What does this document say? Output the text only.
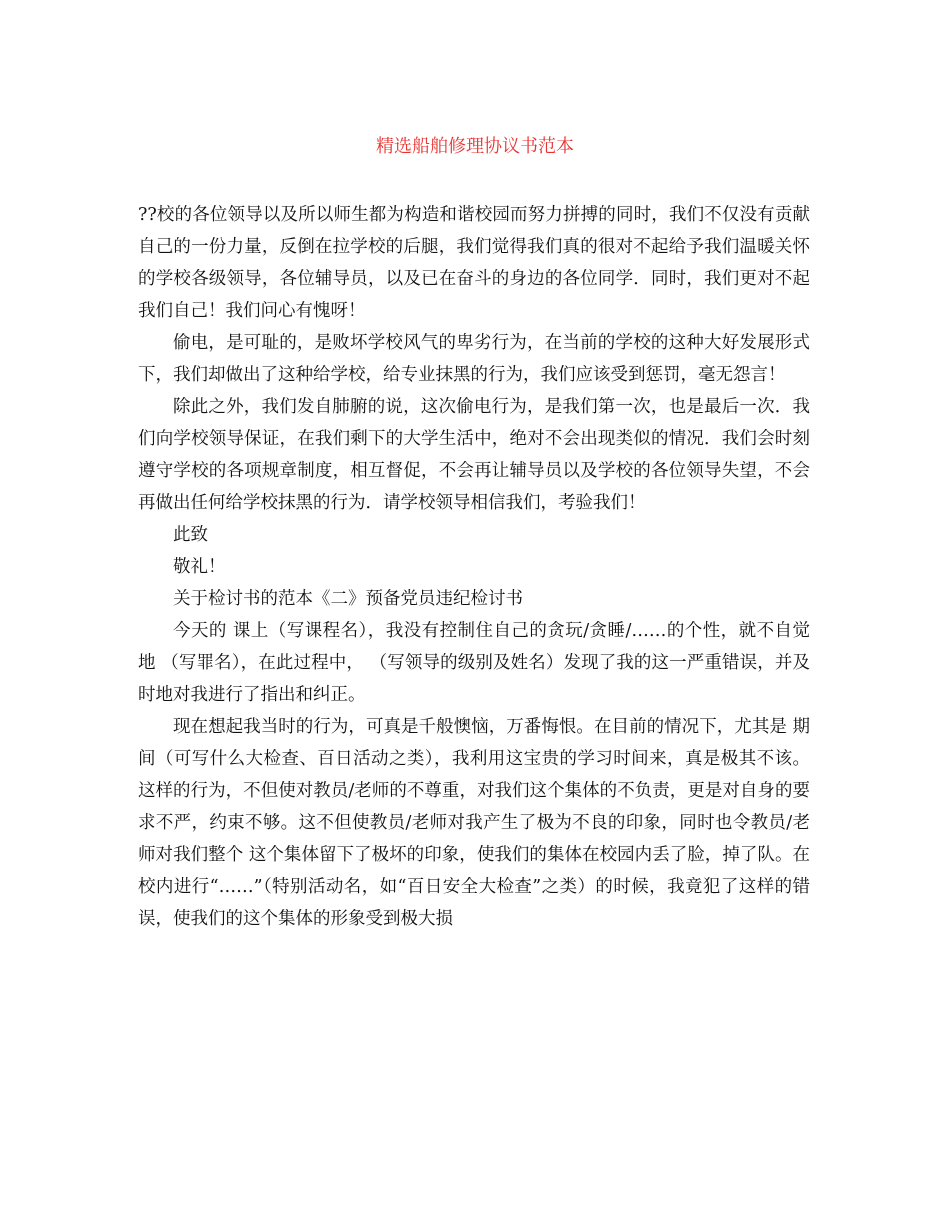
精选船舶修理协议书范本

??校的各位领导以及所以师生都为构造和谐校园而努力拼搏的同时，我们不仅没有贡献自己的一份力量，反倒在拉学校的后腿，我们觉得我们真的很对不起给予我们温暖关怀的学校各级领导，各位辅导员，以及已在奋斗的身边的各位同学．同时，我们更对不起我们自己！我们问心有愧呀！

偷电，是可耻的，是败坏学校风气的卑劣行为，在当前的学校的这种大好发展形式下，我们却做出了这种给学校，给专业抹黑的行为，我们应该受到惩罚，毫无怨言！

除此之外，我们发自肺腑的说，这次偷电行为，是我们第一次，也是最后一次．我们向学校领导保证，在我们剩下的大学生活中，绝对不会出现类似的情况．我们会时刻遵守学校的各项规章制度，相互督促，不会再让辅导员以及学校的各位领导失望，不会再做出任何给学校抹黑的行为．请学校领导相信我们，考验我们！

此致

敬礼！

关于检讨书的范本《二》预备党员违纪检讨书

今天的 课上（写课程名），我没有控制住自己的贪玩/贪睡/……的个性，就不自觉地 （写罪名），在此过程中， （写领导的级别及姓名）发现了我的这一严重错误，并及时地对我进行了指出和纠正。

现在想起我当时的行为，可真是千般懊恼，万番悔恨。在目前的情况下，尤其是 期间（可写什么大检查、百日活动之类），我利用这宝贵的学习时间来，真是极其不该。这样的行为，不但使对教员/老师的不尊重，对我们这个集体的不负责，更是对自身的要求不严，约束不够。这不但使教员/老师对我产生了极为不良的印象，同时也令教员/老师对我们整个 这个集体留下了极坏的印象，使我们的集体在校园内丢了脸，掉了队。在校内进行“……”（特别活动名，如“百日安全大检查”之类）的时候，我竟犯了这样的错误，使我们的这个集体的形象受到极大损
